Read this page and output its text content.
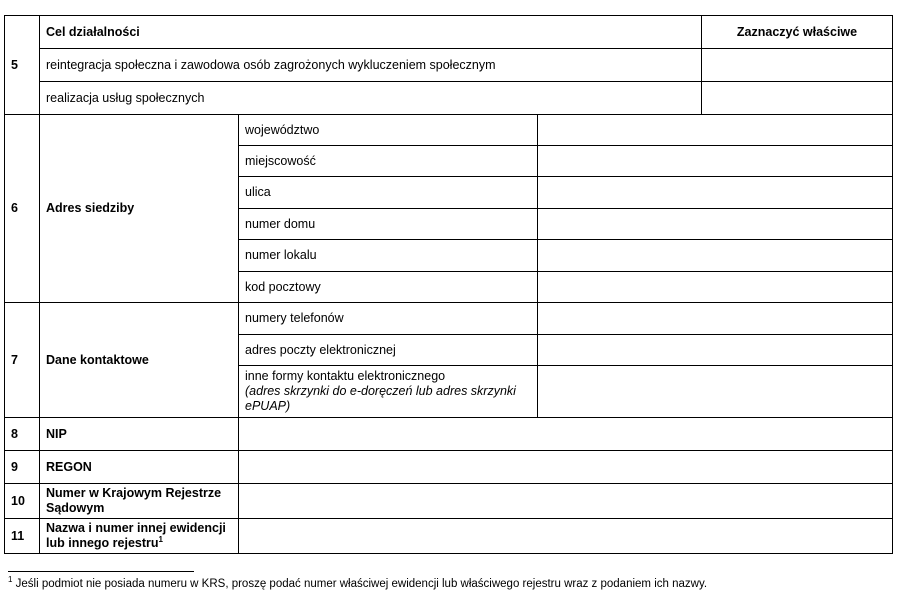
5	Cel działalności			Zaznaczyć właściwe
	reintegracja społeczna i zawodowa osób zagrożonych wykluczeniem społecznym			
	realizacja usług społecznych			
6	Adres siedziby	województwo		
		miejscowość		
		ulica		
		numer domu		
		numer lokalu		
		kod pocztowy		
7	Dane kontaktowe	numery telefonów		
		adres poczty elektronicznej		
		inne formy kontaktu elektronicznego
(adres skrzynki do e-doręczeń lub adres skrzynki ePUAP)		
8	NIP			
9	REGON			
10	Numer w Krajowym Rejestrze Sądowym			
11	Nazwa i numer innej ewidencji lub innego rejestru$^1$	
$^1$ Jeśli podmiot nie posiada numeru w KRS, proszę podać numer właściwej ewidencji lub właściwego rejestru wraz z podaniem ich nazwy.
